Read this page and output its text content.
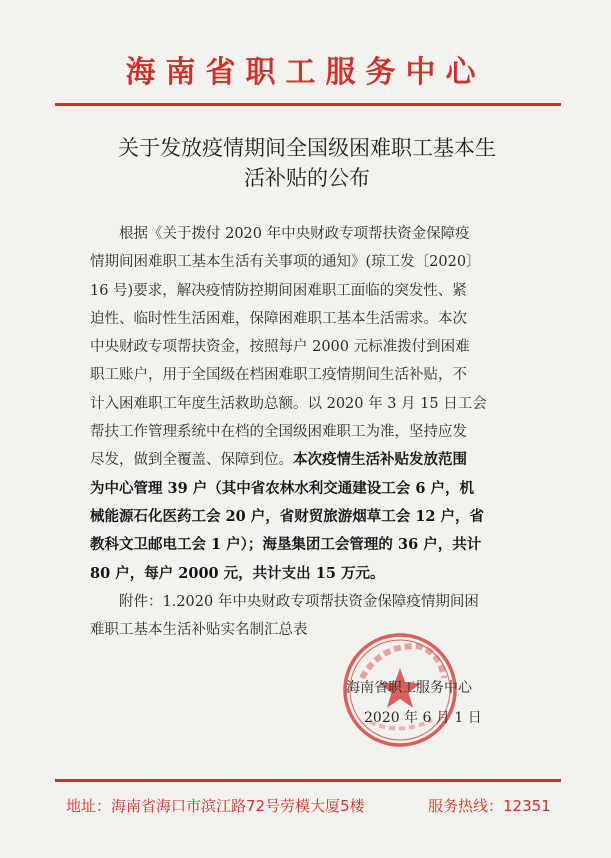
海南省职工服务中心
关于发放疫情期间全国级困难职工基本生
活补贴的公布

根据《关于拨付 2020 年中央财政专项帮扶资金保障疫
情期间困难职工基本生活有关事项的通知》(琼工发〔2020〕
16 号)要求，解决疫情防控期间困难职工面临的突发性、紧
迫性、临时性生活困难，保障困难职工基本生活需求。本次
中央财政专项帮扶资金，按照每户 2000 元标准拨付到困难
职工账户，用于全国级在档困难职工疫情期间生活补贴，不
计入困难职工年度生活救助总额。以 2020 年 3 月 15 日工会
帮扶工作管理系统中在档的全国级困难职工为准，坚持应发
尽发，做到全覆盖、保障到位。本次疫情生活补贴发放范围
为中心管理 39 户（其中省农林水利交通建设工会 6 户，机
械能源石化医药工会 20 户，省财贸旅游烟草工会 12 户，省
教科文卫邮电工会 1 户）；海垦集团工会管理的 36 户，共计
80 户，每户 2000 元，共计支出 15 万元。

附件：1.2020 年中央财政专项帮扶资金保障疫情期间困
难职工基本生活补贴实名制汇总表

海南省职工服务中心
2020 年 6 月 1 日
地址：海南省海口市滨江路72号劳模大厦5楼	服务热线：12351
